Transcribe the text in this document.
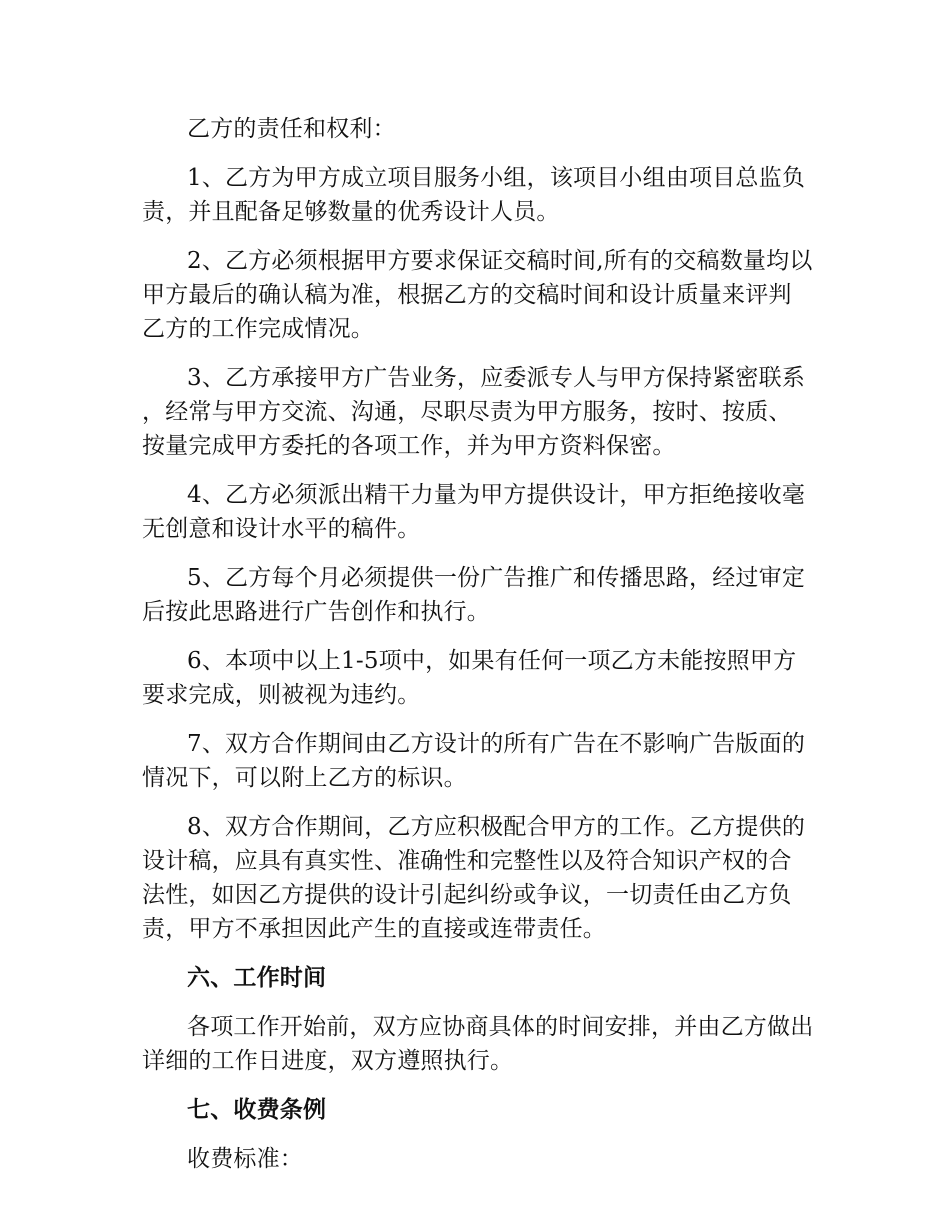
乙方的责任和权利：

1、乙方为甲方成立项目服务小组，该项目小组由项目总监负责，并且配备足够数量的优秀设计人员。

2、乙方必须根据甲方要求保证交稿时间,所有的交稿数量均以甲方最后的确认稿为准，根据乙方的交稿时间和设计质量来评判乙方的工作完成情况。

3、乙方承接甲方广告业务，应委派专人与甲方保持紧密联系，经常与甲方交流、沟通，尽职尽责为甲方服务，按时、按质、按量完成甲方委托的各项工作，并为甲方资料保密。

4、乙方必须派出精干力量为甲方提供设计，甲方拒绝接收毫无创意和设计水平的稿件。

5、乙方每个月必须提供一份广告推广和传播思路，经过审定后按此思路进行广告创作和执行。

6、本项中以上1-5项中，如果有任何一项乙方未能按照甲方要求完成，则被视为违约。

7、双方合作期间由乙方设计的所有广告在不影响广告版面的情况下，可以附上乙方的标识。

8、双方合作期间，乙方应积极配合甲方的工作。乙方提供的设计稿，应具有真实性、准确性和完整性以及符合知识产权的合法性，如因乙方提供的设计引起纠纷或争议，一切责任由乙方负责，甲方不承担因此产生的直接或连带责任。

六、工作时间

各项工作开始前，双方应协商具体的时间安排，并由乙方做出详细的工作日进度，双方遵照执行。

七、收费条例

收费标准：
